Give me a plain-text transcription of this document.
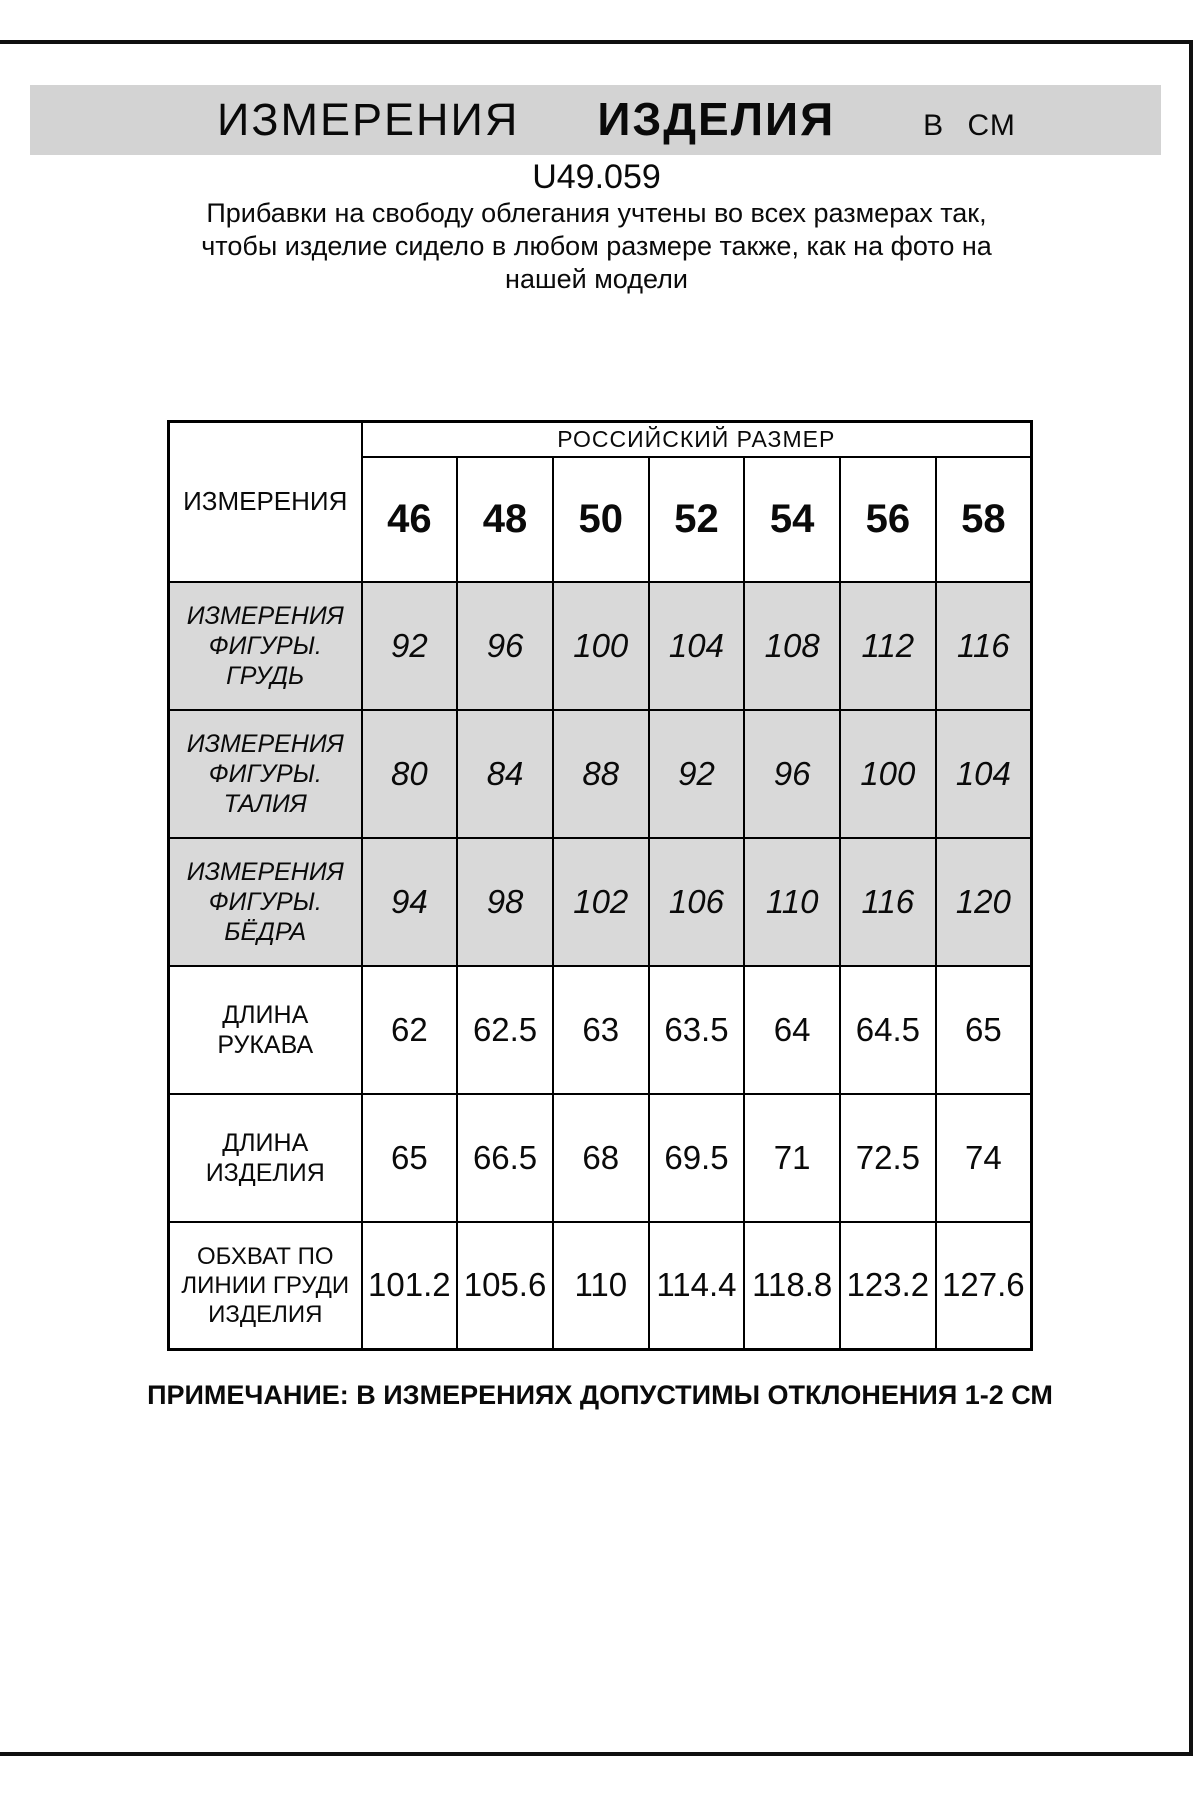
ИЗМЕРЕНИЯ ИЗДЕЛИЯ	В СМ
U49.059
Прибавки на свободу облегания учтены во всех размерах так,
чтобы изделие сидело в любом размере также, как на фото на
нашей модели
ИЗМЕРЕНИЯ	РОССИЙСКИЙ РАЗМЕР						
	46	48	50	52	54	56	58

ИЗМЕРЕНИЯ
ФИГУРЫ. ГРУДЬ	92	96	100	104	108	112	116

ИЗМЕРЕНИЯ
ФИГУРЫ. ТАЛИЯ	80	84	88	92	96	100	104

ИЗМЕРЕНИЯ
ФИГУРЫ. БЁДРА	94	98	102	106	110	116	120

ДЛИНА РУКАВА	62	62.5	63	63.5	64	64.5	65

ДЛИНА ИЗДЕЛИЯ	65	66.5	68	69.5	71	72.5	74

ОБХВАТ ПО
ЛИНИИ ГРУДИ
ИЗДЕЛИЯ	101.2	105.6	110	114.4	118.8	123.2	127.6
ПРИМЕЧАНИЕ: В ИЗМЕРЕНИЯХ ДОПУСТИМЫ ОТКЛОНЕНИЯ 1-2 СМ
